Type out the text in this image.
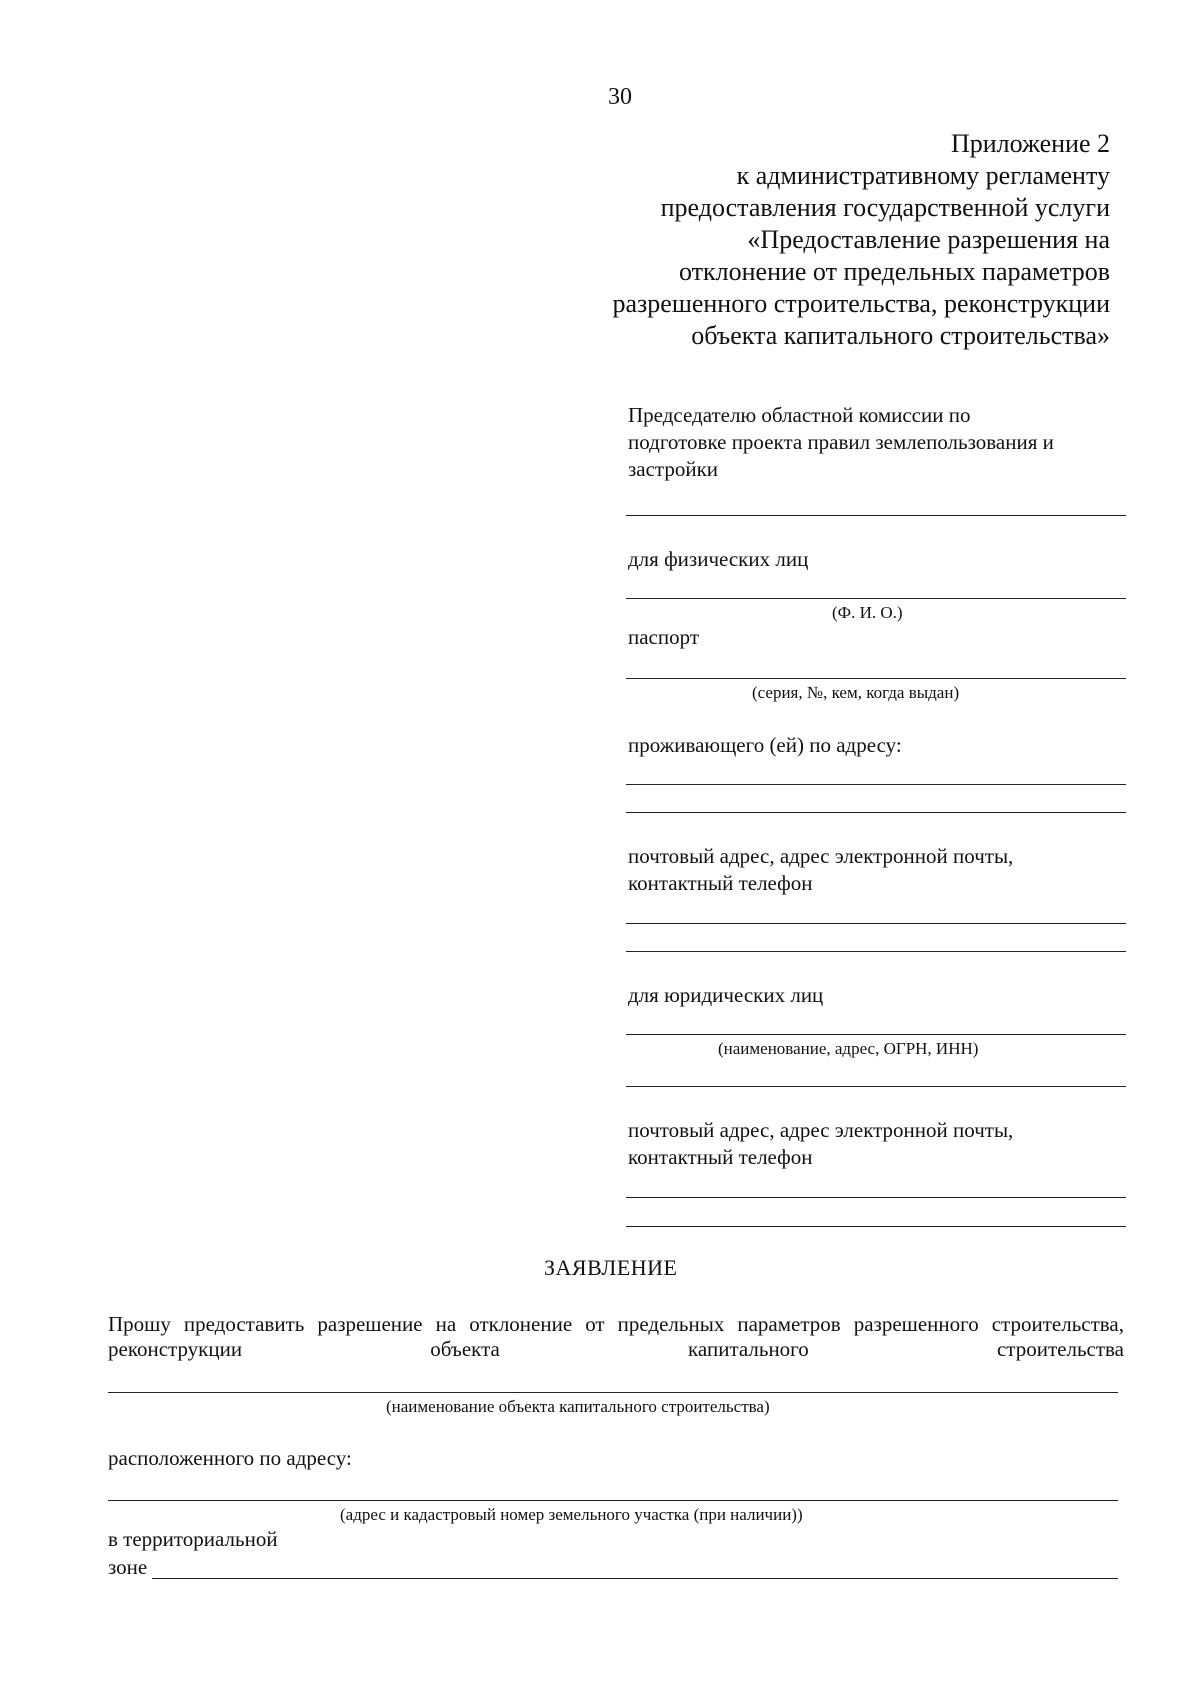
30
Приложение 2
к административному регламенту
предоставления государственной услуги
«Предоставление разрешения на
отклонение от предельных параметров
разрешенного строительства, реконструкции
объекта капитального строительства»
Председателю областной комиссии по
подготовке проекта правил землепользования и
застройки
для физических лиц
(Ф. И. О.)
паспорт
(серия, №, кем, когда выдан)
проживающего (ей) по адресу:
почтовый адрес, адрес электронной почты,
контактный телефон
для юридических лиц
(наименование, адрес, ОГРН, ИНН)
почтовый адрес, адрес электронной почты,
контактный телефон
ЗАЯВЛЕНИЕ
Прошу предоставить разрешение на отклонение от предельных параметров разрешенного строительства, реконструкции объекта капитального строительства
(наименование объекта капитального строительства)
расположенного по адресу:
(адрес и кадастровый номер земельного участка (при наличии))
в территориальной
зоне
